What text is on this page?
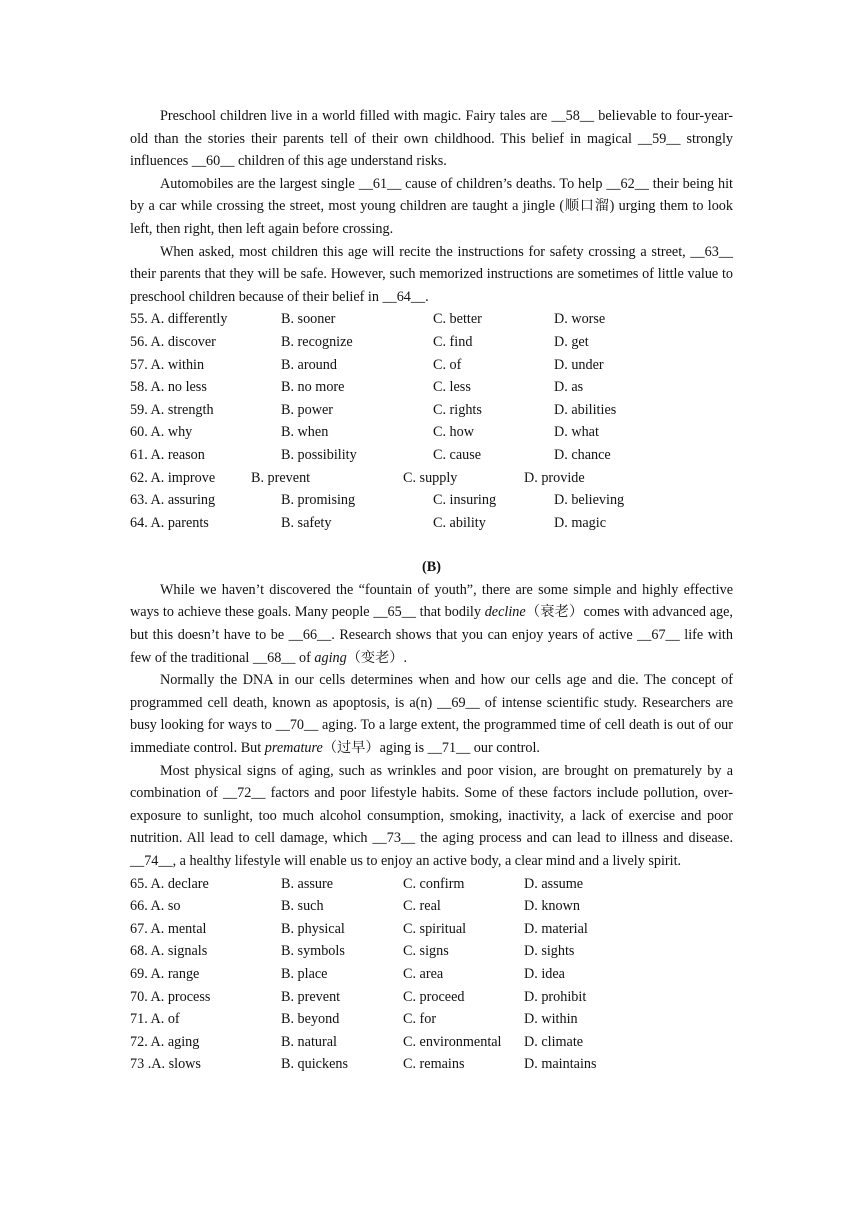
Preschool children live in a world filled with magic. Fairy tales are __58__ believable to four-year-old than the stories their parents tell of their own childhood. This belief in magical __59__ strongly influences __60__ children of this age understand risks.

Automobiles are the largest single __61__ cause of children’s deaths. To help __62__ their being hit by a car while crossing the street, most young children are taught a jingle (顺口溜) urging them to look left, then right, then left again before crossing.

When asked, most children this age will recite the instructions for safety crossing a street, __63__ their parents that they will be safe. However, such memorized instructions are sometimes of little value to preschool children because of their belief in __64__.

55. A. differently	B. sooner	C. better	D. worse
56. A. discover	B. recognize	C. find	D. get
57. A. within	B. around	C. of	D. under
58. A. no less	B. no more	C. less	D. as
59. A. strength	B. power	C. rights	D. abilities
60. A. why	B. when	C. how	D. what
61. A. reason	B. possibility	C. cause	D. chance
62. A. improve	B. prevent	C. supply	D. provide
63. A. assuring	B. promising	C. insuring	D. believing
64. A. parents	B. safety	C. ability	D. magic
(B)

While we haven’t discovered the “fountain of youth”, there are some simple and highly effective ways to achieve these goals. Many people __65__ that bodily decline（衰老）comes with advanced age, but this doesn’t have to be __66__. Research shows that you can enjoy years of active __67__ life with few of the traditional __68__ of aging（变老）.

Normally the DNA in our cells determines when and how our cells age and die. The concept of programmed cell death, known as apoptosis, is a(n) __69__ of intense scientific study. Researchers are busy looking for ways to __70__ aging. To a large extent, the programmed time of cell death is out of our immediate control. But premature（过早）aging is __71__ our control.

Most physical signs of aging, such as wrinkles and poor vision, are brought on prematurely by a combination of __72__ factors and poor lifestyle habits. Some of these factors include pollution, over-exposure to sunlight, too much alcohol consumption, smoking, inactivity, a lack of exercise and poor nutrition. All lead to cell damage, which __73__ the aging process and can lead to illness and disease. __74__, a healthy lifestyle will enable us to enjoy an active body, a clear mind and a lively spirit.

65. A. declare	B. assure	C. confirm	D. assume
66. A. so	B. such	C. real	D. known
67. A. mental	B. physical	C. spiritual	D. material
68. A. signals	B. symbols	C. signs	D. sights
69. A. range	B. place	C. area	D. idea
70. A. process	B. prevent	C. proceed	D. prohibit
71. A. of	B. beyond	C. for	D. within
72. A. aging	B. natural	C. environmental D. climate
73 .A. slows	B. quickens	C. remains	D. maintains
